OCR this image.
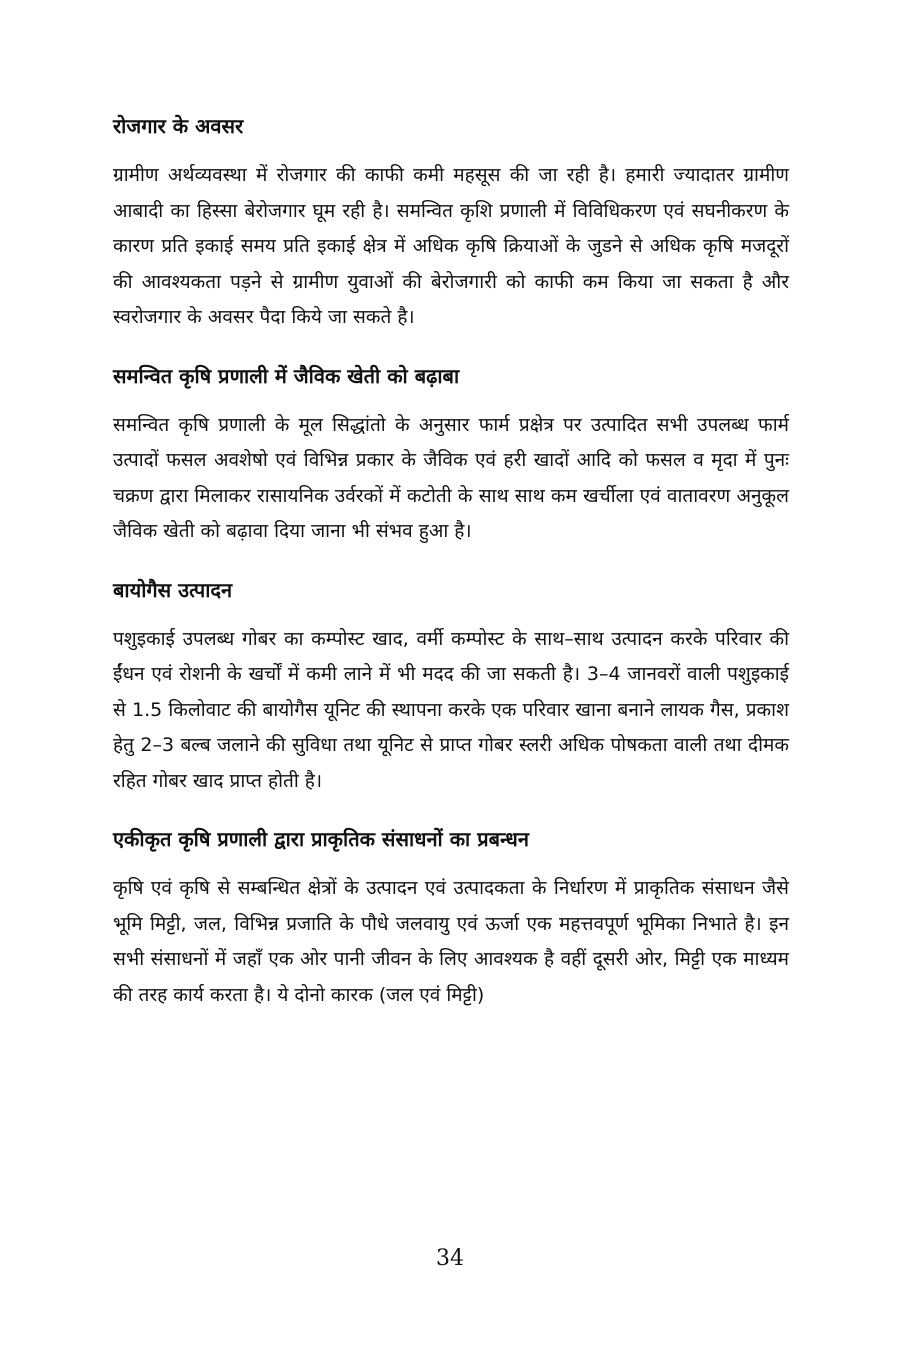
रोजगार के अवसर

ग्रामीण अर्थव्यवस्था में रोजगार की काफी कमी महसूस की जा रही है। हमारी ज्यादातर ग्रामीण आबादी का हिस्सा बेरोजगार घूम रही है। समन्वित कृशि प्रणाली में विविधिकरण एवं सघनीकरण के कारण प्रति इकाई समय प्रति इकाई क्षेत्र में अधिक कृषि क्रियाओं के जुडने से अधिक कृषि मजदूरों की आवश्यकता पड़ने से ग्रामीण युवाओं की बेरोजगारी को काफी कम किया जा सकता है और स्वरोजगार के अवसर पैदा किये जा सकते है।

समन्वित कृषि प्रणाली में जैविक खेती को बढ़ाबा

समन्वित कृषि प्रणाली के मूल सिद्धांतो के अनुसार फार्म प्रक्षेत्र पर उत्पादित सभी उपलब्ध फार्म उत्पादों फसल अवशेषो एवं विभिन्न प्रकार के जैविक एवं हरी खादों आदि को फसल व मृदा में पुनः चक्रण द्वारा मिलाकर रासायनिक उर्वरकों में कटोती के साथ साथ कम खर्चीला एवं वातावरण अनुकूल जैविक खेती को बढ़ावा दिया जाना भी संभव हुआ है।

बायोगैस उत्पादन

पशुइकाई उपलब्ध गोबर का कम्पोस्ट खाद, वर्मी कम्पोस्ट के साथ–साथ उत्पादन करके परिवार की ईंधन एवं रोशनी के खर्चों में कमी लाने में भी मदद की जा सकती है। 3–4 जानवरों वाली पशुइकाई से 1.5 किलोवाट की बायोगैस यूनिट की स्थापना करके एक परिवार खाना बनाने लायक गैस, प्रकाश हेतु 2–3 बल्ब जलाने की सुविधा तथा यूनिट से प्राप्त गोबर स्लरी अधिक पोषकता वाली तथा दीमक रहित गोबर खाद प्राप्त होती है।

एकीकृत कृषि प्रणाली द्वारा प्राकृतिक संसाधनों का प्रबन्धन

कृषि एवं कृषि से सम्बन्धित क्षेत्रों के उत्पादन एवं उत्पादकता के निर्धारण में प्राकृतिक संसाधन जैसे भूमि मिट्टी, जल, विभिन्न प्रजाति के पौधे जलवायु एवं ऊर्जा एक महत्तवपूर्ण भूमिका निभाते है। इन सभी संसाधनों में जहाँ एक ओर पानी जीवन के लिए आवश्यक है वहीं दूसरी ओर, मिट्टी एक माध्यम की तरह कार्य करता है। ये दोनो कारक (जल एवं मिट्टी)

34
